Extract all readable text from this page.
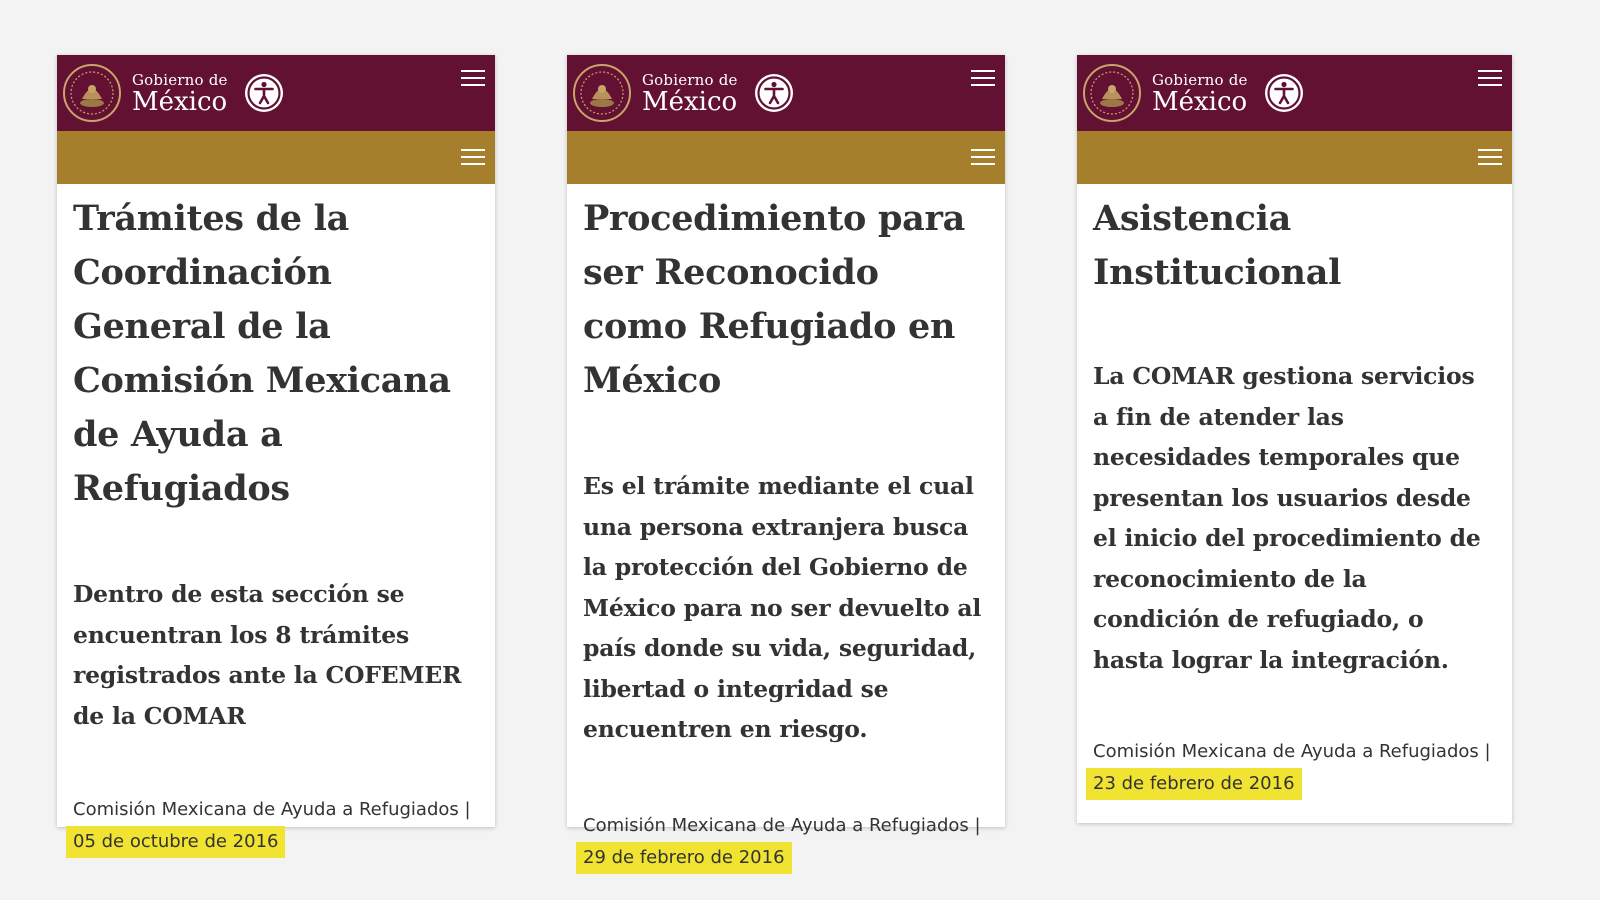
Gobierno de
México
Trámites de la Coordinación General de la Comisión Mexicana de Ayuda a Refugiados

Dentro de esta sección se encuentran los 8 trámites registrados ante la COFEMER de la COMAR

Comisión Mexicana de Ayuda a Refugiados |
05 de octubre de 2016
Gobierno de
México
Procedimiento para ser Reconocido como Refugiado en México

Es el trámite mediante el cual una persona extranjera busca la protección del Gobierno de México para no ser devuelto al país donde su vida, seguridad, libertad o integridad se encuentren en riesgo.

Comisión Mexicana de Ayuda a Refugiados |
29 de febrero de 2016
Gobierno de
México
Asistencia Institucional

La COMAR gestiona servicios a fin de atender las necesidades temporales que presentan los usuarios desde el inicio del procedimiento de reconocimiento de la condición de refugiado, o hasta lograr la integración.

Comisión Mexicana de Ayuda a Refugiados |
23 de febrero de 2016
